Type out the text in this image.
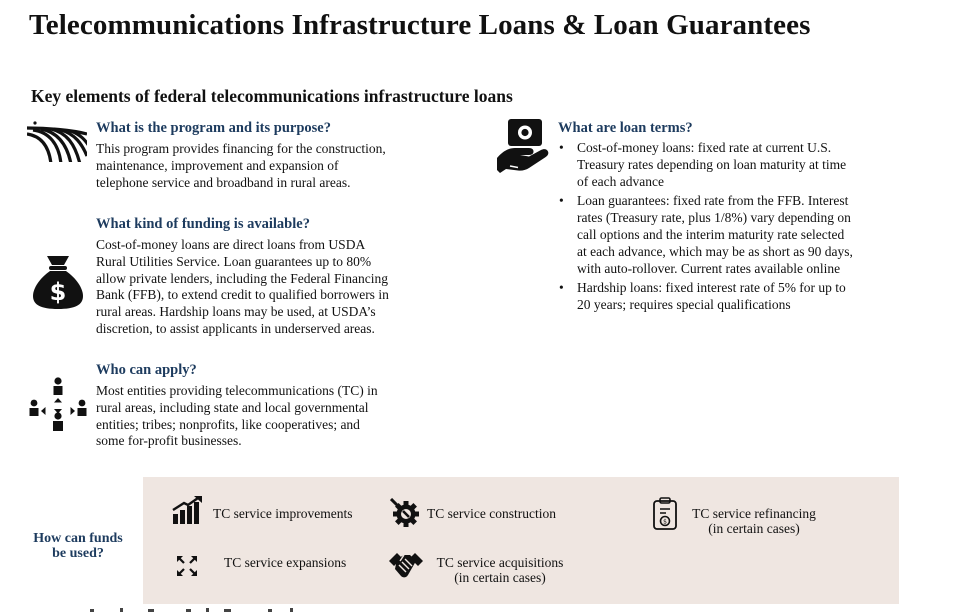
Telecommunications Infrastructure Loans & Loan Guarantees
Key elements of federal telecommunications infrastructure loans
What is the program and its purpose?
This program provides financing for the construction,
maintenance, improvement and expansion of
telephone service and broadband in rural areas.
$
What kind of funding is available?
Cost-of-money loans are direct loans from USDA
Rural Utilities Service. Loan guarantees up to 80%
allow private lenders, including the Federal Financing
Bank (FFB), to extend credit to qualified borrowers in
rural areas. Hardship loans may be used, at USDA’s
discretion, to assist applicants in underserved areas.
Who can apply?
Most entities providing telecommunications (TC) in
rural areas, including state and local governmental
entities; tribes; nonprofits, like cooperatives; and
some for-profit businesses.
What are loan terms?
• Cost-of-money loans: fixed rate at current U.S.
Treasury rates depending on loan maturity at time
of each advance
• Loan guarantees: fixed rate from the FFB. Interest
rates (Treasury rate, plus 1/8%) vary depending on
call options and the interim maturity rate selected
at each advance, which may be as short as 90 days,
with auto-rollover. Current rates available online
• Hardship loans: fixed interest rate of 5% for up to
20 years; requires special qualifications
How can funds
be used?
TC service improvements	TC service construction
$
TC service refinancing
(in certain cases)
TC service expansions	TC service acquisitions
(in certain cases)
